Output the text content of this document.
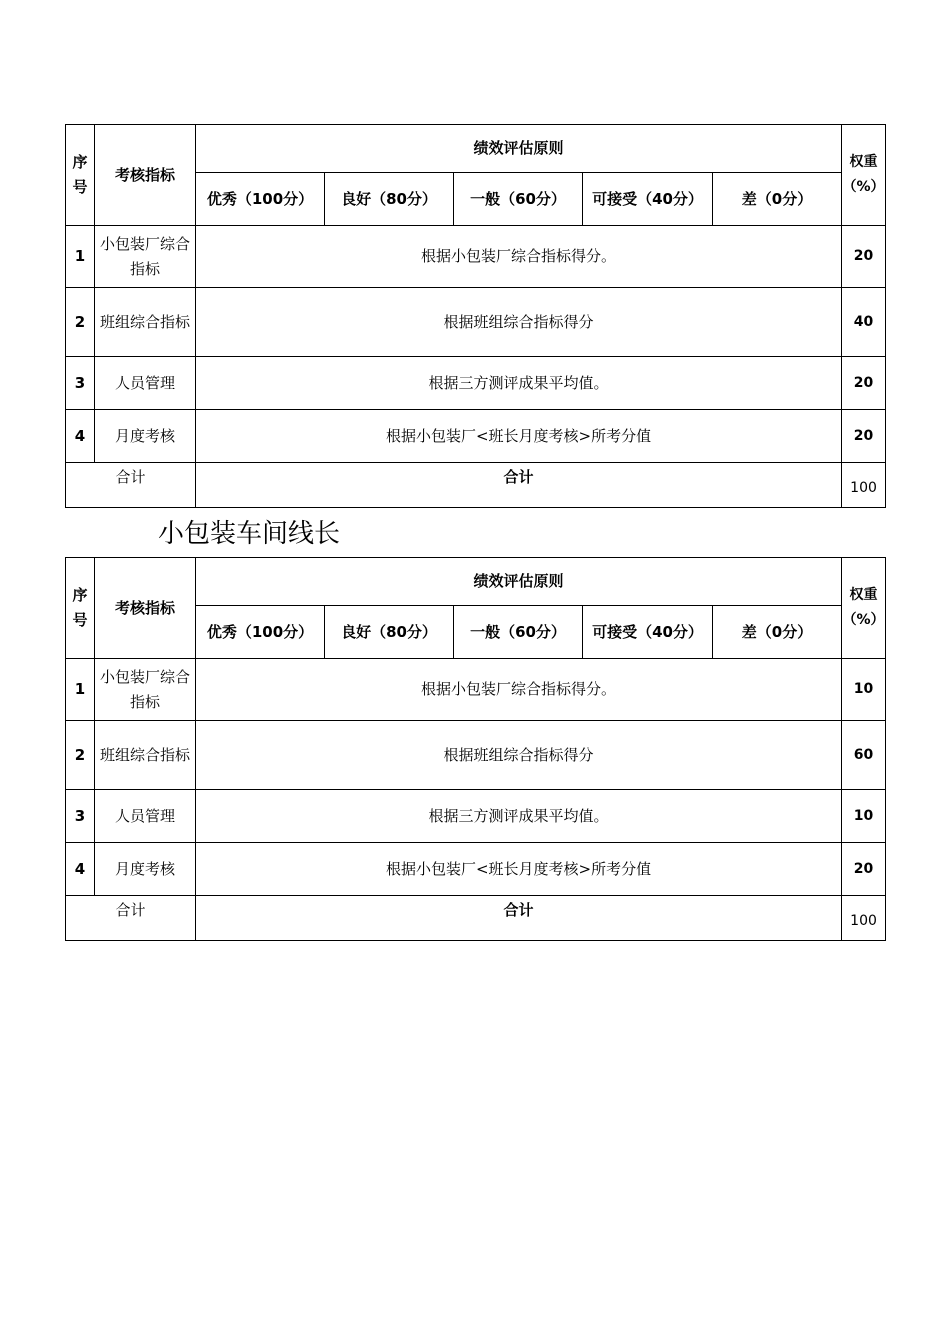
序号	考核指标	绩效评估原则					权重（%）
		优秀（100分）	良好（80分）	一般（60分）	可接受（40分）	差（0分）	
1	小包装厂综合指标	根据小包装厂综合指标得分。					20
2	班组综合指标	根据班组综合指标得分					40
3	人员管理	根据三方测评成果平均值。					20
4	月度考核	根据小包装厂<班长月度考核>所考分值					20
合计		合计					100
小包装车间线长
序号	考核指标	绩效评估原则					权重（%）
		优秀（100分）	良好（80分）	一般（60分）	可接受（40分）	差（0分）	
1	小包装厂综合指标	根据小包装厂综合指标得分。					10
2	班组综合指标	根据班组综合指标得分					60
3	人员管理	根据三方测评成果平均值。					10
4	月度考核	根据小包装厂<班长月度考核>所考分值					20
合计		合计					100
